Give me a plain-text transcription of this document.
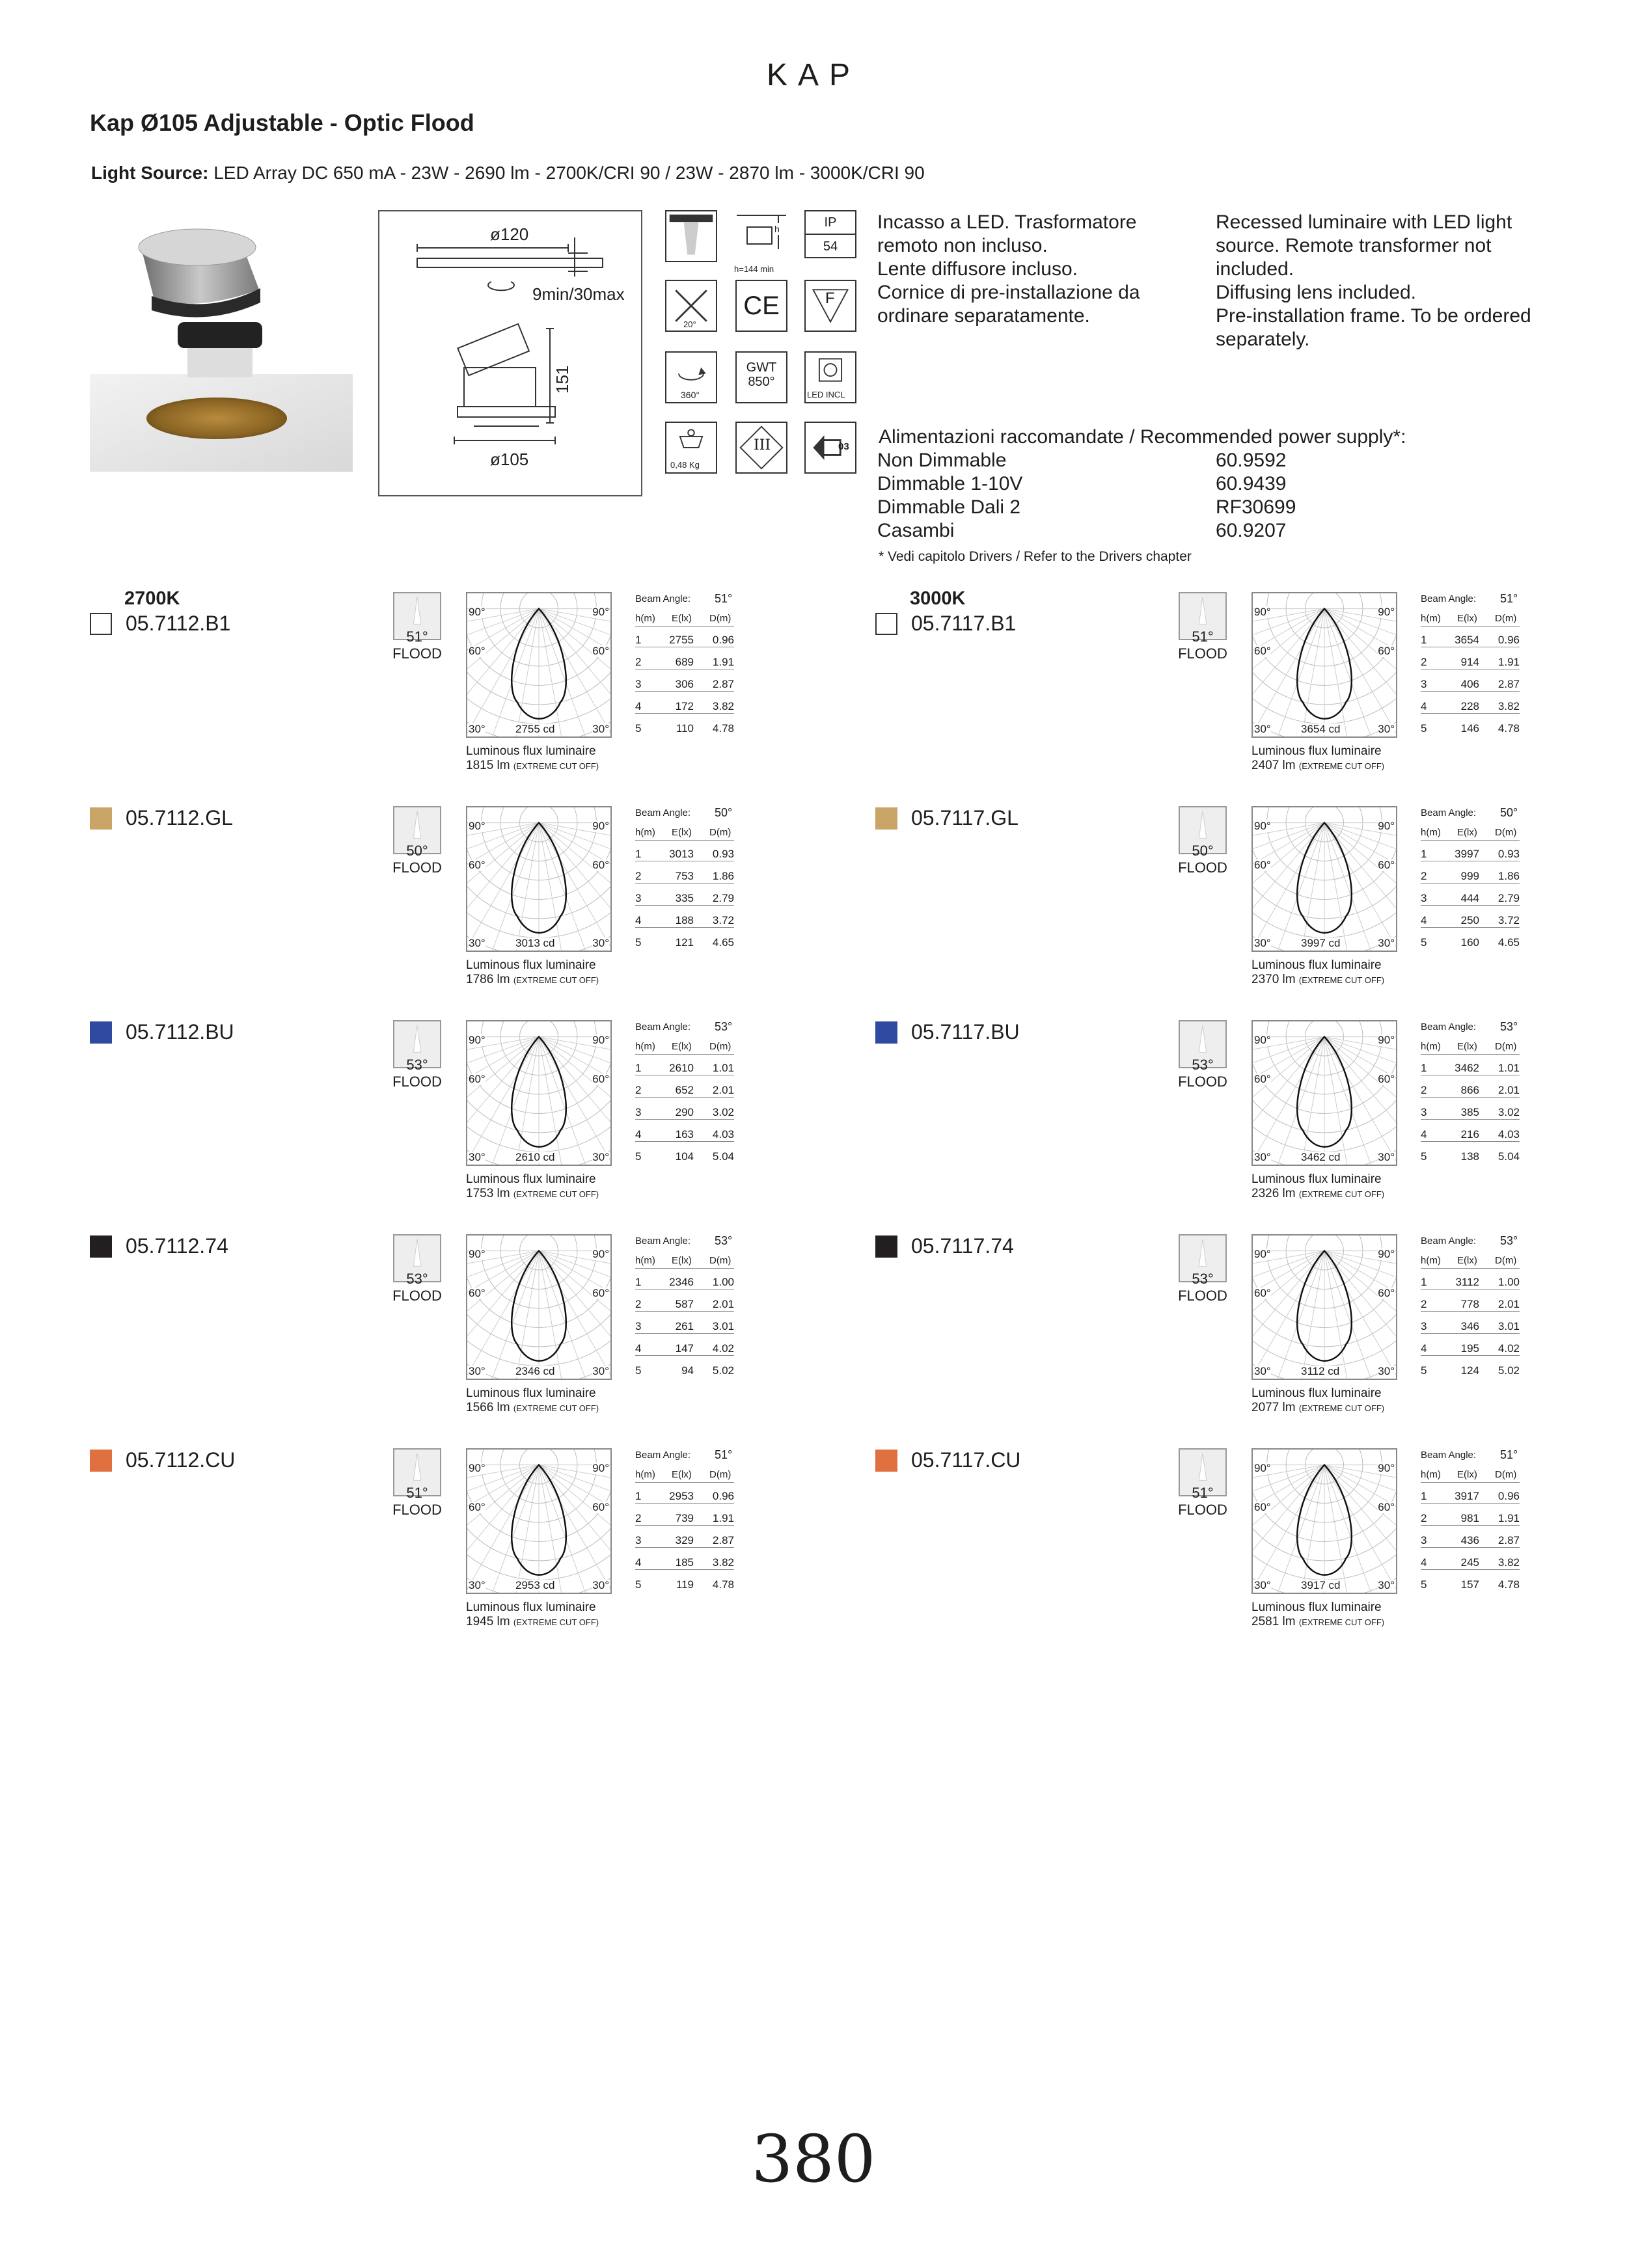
KAP
Kap Ø105 Adjustable - Optic Flood
Light Source: LED Array DC 650 mA - 23W - 2690 lm - 2700K/CRI 90 / 23W - 2870 lm - 3000K/CRI 90
ø120
9min/30max
151
ø105
h
h=144 min
IP
54
20°
CE	F
360°
GWT
850°
LED INCL
0,48 Kg
III	03
Incasso a LED. Trasformatore
remoto non incluso.
Lente diffusore incluso.
Cornice di pre-installazione da
ordinare separatamente.
Recessed luminaire with LED light
source. Remote transformer not
included.
Diffusing lens included.
Pre-installation frame. To be ordered
separately.
Alimentazioni raccomandate / Recommended power supply*:
Non Dimmable	60.9592
Dimmable 1-10V	60.9439
Dimmable Dali 2	RF30699
Casambi	60.9207
* Vedi capitolo Drivers / Refer to the Drivers chapter
2700K
05.7112.B1
51°
FLOOD
90°	90°
60°	60°
30°	30°
2755 cd
Luminous flux luminaire
1815 lm (EXTREME CUT OFF)
Beam Angle: 51°
h(m) E(lx) D(m)
1	2755 0.96
2	689 1.91
3	306 2.87
4	172 3.82
5	110 4.78
05.7112.GL
50°
FLOOD
90°	90°
60°	60°
30°	30°
3013 cd
Luminous flux luminaire
1786 lm (EXTREME CUT OFF)
Beam Angle: 50°
h(m) E(lx) D(m)
1	3013 0.93
2	753 1.86
3	335 2.79
4	188 3.72
5	121 4.65
05.7112.BU
53°
FLOOD
90°	90°
60°	60°
30°	30°
2610 cd
Luminous flux luminaire
1753 lm (EXTREME CUT OFF)
Beam Angle: 53°
h(m) E(lx) D(m)
1	2610 1.01
2	652 2.01
3	290 3.02
4	163 4.03
5	104 5.04
05.7112.74
53°
FLOOD
90°	90°
60°	60°
30°	30°
2346 cd
Luminous flux luminaire
1566 lm (EXTREME CUT OFF)
Beam Angle: 53°
h(m) E(lx) D(m)
1	2346 1.00
2	587 2.01
3	261 3.01
4	147 4.02
5	94 5.02
05.7112.CU
51°
FLOOD
90°	90°
60°	60°
30°	30°
2953 cd
Luminous flux luminaire
1945 lm (EXTREME CUT OFF)
Beam Angle: 51°
h(m) E(lx) D(m)
1	2953 0.96
2	739 1.91
3	329 2.87
4	185 3.82
5	119 4.78
3000K
05.7117.B1
51°
FLOOD
90°	90°
60°	60°
30°	30°
3654 cd
Luminous flux luminaire
2407 lm (EXTREME CUT OFF)
Beam Angle: 51°
h(m) E(lx) D(m)
1	3654 0.96
2	914 1.91
3	406 2.87
4	228 3.82
5	146 4.78
05.7117.GL
50°
FLOOD
90°	90°
60°	60°
30°	30°
3997 cd
Luminous flux luminaire
2370 lm (EXTREME CUT OFF)
Beam Angle: 50°
h(m) E(lx) D(m)
1	3997 0.93
2	999 1.86
3	444 2.79
4	250 3.72
5	160 4.65
05.7117.BU
53°
FLOOD
90°	90°
60°	60°
30°	30°
3462 cd
Luminous flux luminaire
2326 lm (EXTREME CUT OFF)
Beam Angle: 53°
h(m) E(lx) D(m)
1	3462 1.01
2	866 2.01
3	385 3.02
4	216 4.03
5	138 5.04
05.7117.74
53°
FLOOD
90°	90°
60°	60°
30°	30°
3112 cd
Luminous flux luminaire
2077 lm (EXTREME CUT OFF)
Beam Angle: 53°
h(m) E(lx) D(m)
1	3112 1.00
2	778 2.01
3	346 3.01
4	195 4.02
5	124 5.02
05.7117.CU
51°
FLOOD
90°	90°
60°	60°
30°	30°
3917 cd
Luminous flux luminaire
2581 lm (EXTREME CUT OFF)
Beam Angle: 51°
h(m) E(lx) D(m)
1	3917 0.96
2	981 1.91
3	436 2.87
4	245 3.82
5	157 4.78
380
